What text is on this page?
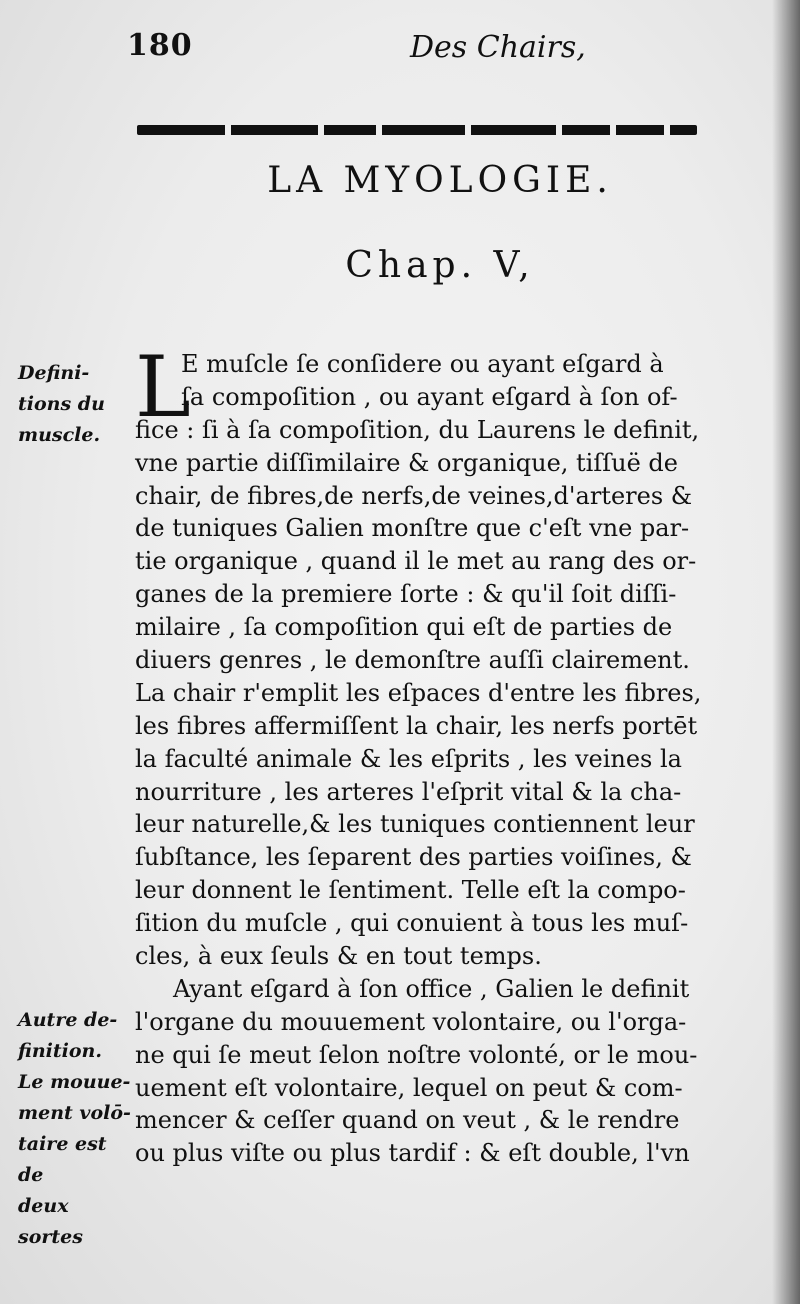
180	Des Chairs,
LA MYOLOGIE.
Chap. V,
Defini-
tions du
muscle.
Autre de-
finition.
Le mouue-
ment volō-
taire est de
deux sortes
L
E muſcle ſe conſidere ou ayant eſgard à
ſa compoſition , ou ayant eſgard à ſon of-
fice : ſi à ſa compoſition, du Laurens le definit,
vne partie diſſimilaire & organique, tiſſuë de
chair, de fibres,de nerfs,de veines,d'arteres &
de tuniques Galien monſtre que c'eſt vne par-
tie organique , quand il le met au rang des or-
ganes de la premiere ſorte : & qu'il ſoit diſſi-
milaire , ſa compoſition qui eſt de parties de
diuers genres , le demonſtre auſſi clairement.
La chair r'emplit les eſpaces d'entre les fibres,
les fibres affermiſſent la chair, les nerfs portēt
la faculté animale & les eſprits , les veines la
nourriture , les arteres l'eſprit vital & la cha-
leur naturelle,& les tuniques contiennent leur
ſubſtance, les ſeparent des parties voiſines, &
leur donnent le ſentiment. Telle eſt la compo-
ſition du muſcle , qui conuient à tous les muſ-
cles, à eux ſeuls & en tout temps.
Ayant eſgard à ſon office , Galien le definit
l'organe du mouuement volontaire, ou l'orga-
ne qui ſe meut ſelon noſtre volonté, or le mou-
uement eſt volontaire, lequel on peut & com-
mencer & ceſſer quand on veut , & le rendre
ou plus viſte ou plus tardif : & eſt double, l'vn
